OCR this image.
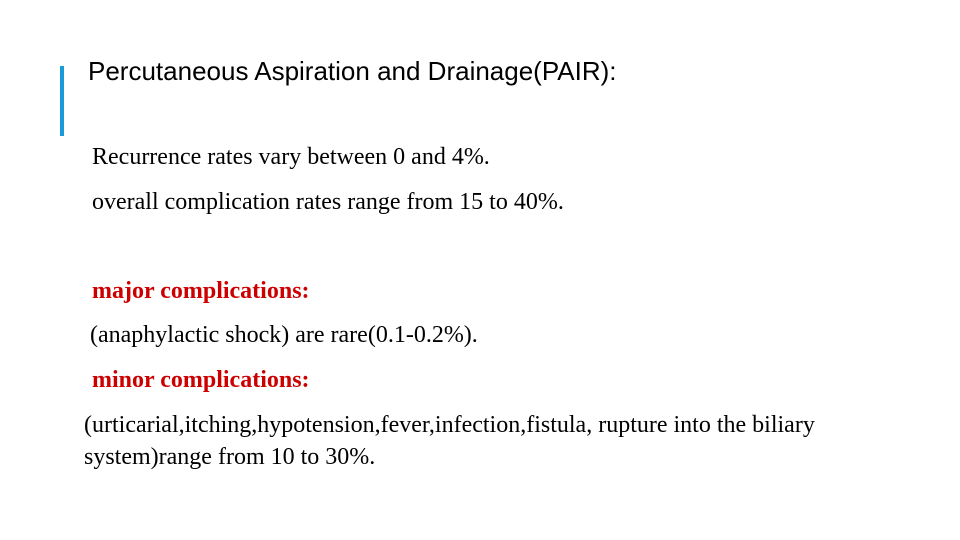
Percutaneous Aspiration and Drainage(PAIR):

Recurrence rates vary between 0 and 4%.

overall complication rates range from 15 to 40%.

major complications:

(anaphylactic shock) are rare(0.1-0.2%).

minor complications:

(urticarial,itching,hypotension,fever,infection,fistula, rupture into the biliary system)range from 10 to 30%.
